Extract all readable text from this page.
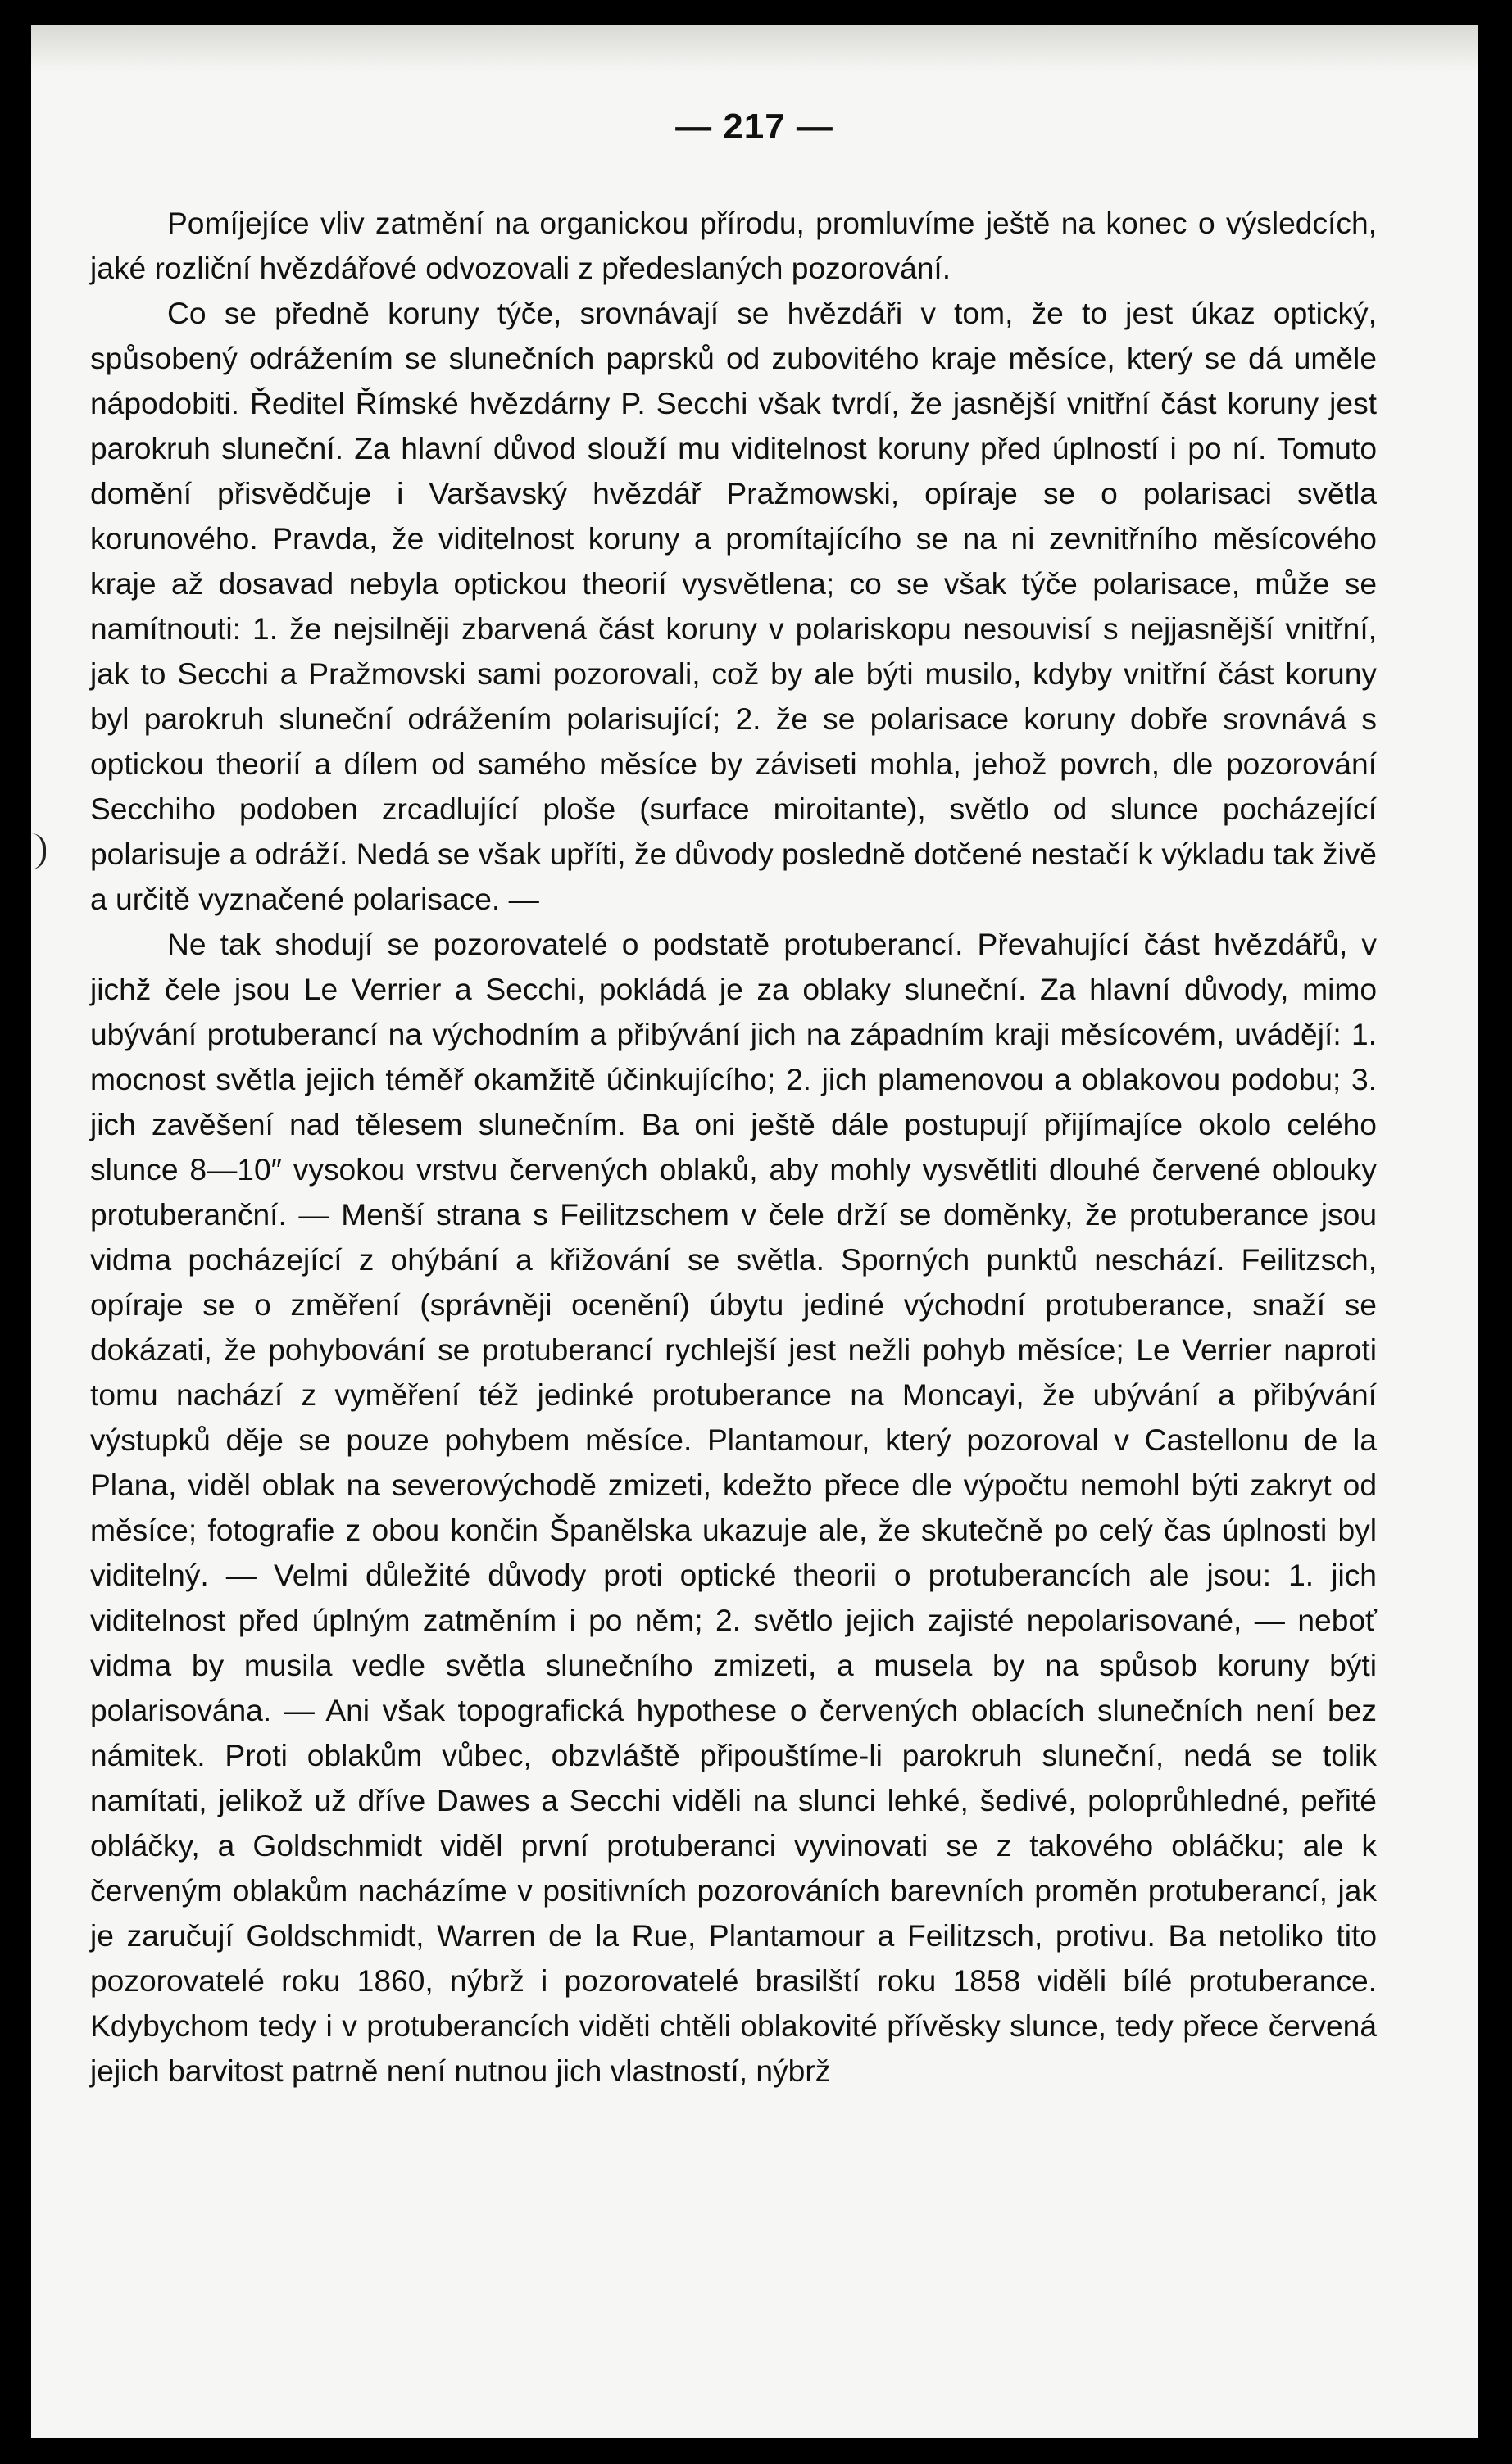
— 217 —

Pomíjejíce vliv zatmění na organickou přírodu, promluvíme ještě na konec o výsledcích, jaké rozliční hvězdářové odvozovali z předeslaných pozorování.

Co se předně koruny týče, srovnávají se hvězdáři v tom, že to jest úkaz optický, spůsobený odrážením se slunečních paprsků od zubovitého kraje měsíce, který se dá uměle nápodobiti. Ředitel Římské hvězdárny P. Secchi však tvrdí, že jasnější vnitřní část koruny jest parokruh sluneční. Za hlavní důvod slouží mu viditelnost koruny před úplností i po ní. Tomuto domění přisvědčuje i Varšavský hvězdář Pražmowski, opíraje se o polarisaci světla korunového. Pravda, že viditelnost koruny a promítajícího se na ni zevnitřního měsícového kraje až dosavad nebyla optickou theorií vysvětlena; co se však týče polarisace, může se namítnouti: 1. že nejsilněji zbarvená část koruny v polariskopu nesouvisí s nejjasnější vnitřní, jak to Secchi a Pražmovski sami pozorovali, což by ale býti musilo, kdyby vnitřní část koruny byl parokruh sluneční odrážením polarisující; 2. že se polarisace koruny dobře srovnává s optickou theorií a dílem od samého měsíce by záviseti mohla, jehož povrch, dle pozorování Secchiho podoben zrcadlující ploše (surface miroitante), světlo od slunce pocházející polarisuje a odráží. Nedá se však upříti, že důvody posledně dotčené nestačí k výkladu tak živě a určitě vyznačené polarisace. —

Ne tak shodují se pozorovatelé o podstatě protuberancí. Převahující část hvězdářů, v jichž čele jsou Le Verrier a Secchi, pokládá je za oblaky sluneční. Za hlavní důvody, mimo ubývání protuberancí na východním a přibývání jich na západním kraji měsícovém, uvádějí: 1. mocnost světla jejich téměř okamžitě účinkujícího; 2. jich plamenovou a oblakovou podobu; 3. jich zavěšení nad tělesem slunečním. Ba oni ještě dále postupují přijímajíce okolo celého slunce 8—10″ vysokou vrstvu červených oblaků, aby mohly vysvětliti dlouhé červené oblouky protuberanční. — Menší strana s Feilitzschem v čele drží se doměnky, že protuberance jsou vidma pocházející z ohýbání a křižování se světla. Sporných punktů neschází. Feilitzsch, opíraje se o změření (správněji ocenění) úbytu jediné východní protuberance, snaží se dokázati, že pohybování se protuberancí rychlejší jest nežli pohyb měsíce; Le Verrier naproti tomu nachází z vyměření též jedinké protuberance na Moncayi, že ubývání a přibývání výstupků děje se pouze pohybem měsíce. Plantamour, který pozoroval v Castellonu de la Plana, viděl oblak na severovýchodě zmizeti, kdežto přece dle výpočtu nemohl býti zakryt od měsíce; fotografie z obou končin Španělska ukazuje ale, že skutečně po celý čas úplnosti byl viditelný. — Velmi důležité důvody proti optické theorii o protuberancích ale jsou: 1. jich viditelnost před úplným zatměním i po něm; 2. světlo jejich zajisté nepolarisované, — neboť vidma by musila vedle světla slunečního zmizeti, a musela by na spůsob koruny býti polarisována. — Ani však topografická hypothese o červených oblacích slunečních není bez námitek. Proti oblakům vůbec, obzvláště připouštíme-li parokruh sluneční, nedá se tolik namítati, jelikož už dříve Dawes a Secchi viděli na slunci lehké, šedivé, poloprůhledné, peřité obláčky, a Goldschmidt viděl první protuberanci vyvinovati se z takového obláčku; ale k červeným oblakům nacházíme v positivních pozorováních barevních proměn protuberancí, jak je zaručují Goldschmidt, Warren de la Rue, Plantamour a Feilitzsch, protivu. Ba netoliko tito pozorovatelé roku 1860, nýbrž i pozorovatelé brasilští roku 1858 viděli bílé protuberance. Kdybychom tedy i v protuberancích viděti chtěli oblakovité přívěsky slunce, tedy přece červená jejich barvitost patrně není nutnou jich vlastností, nýbrž
